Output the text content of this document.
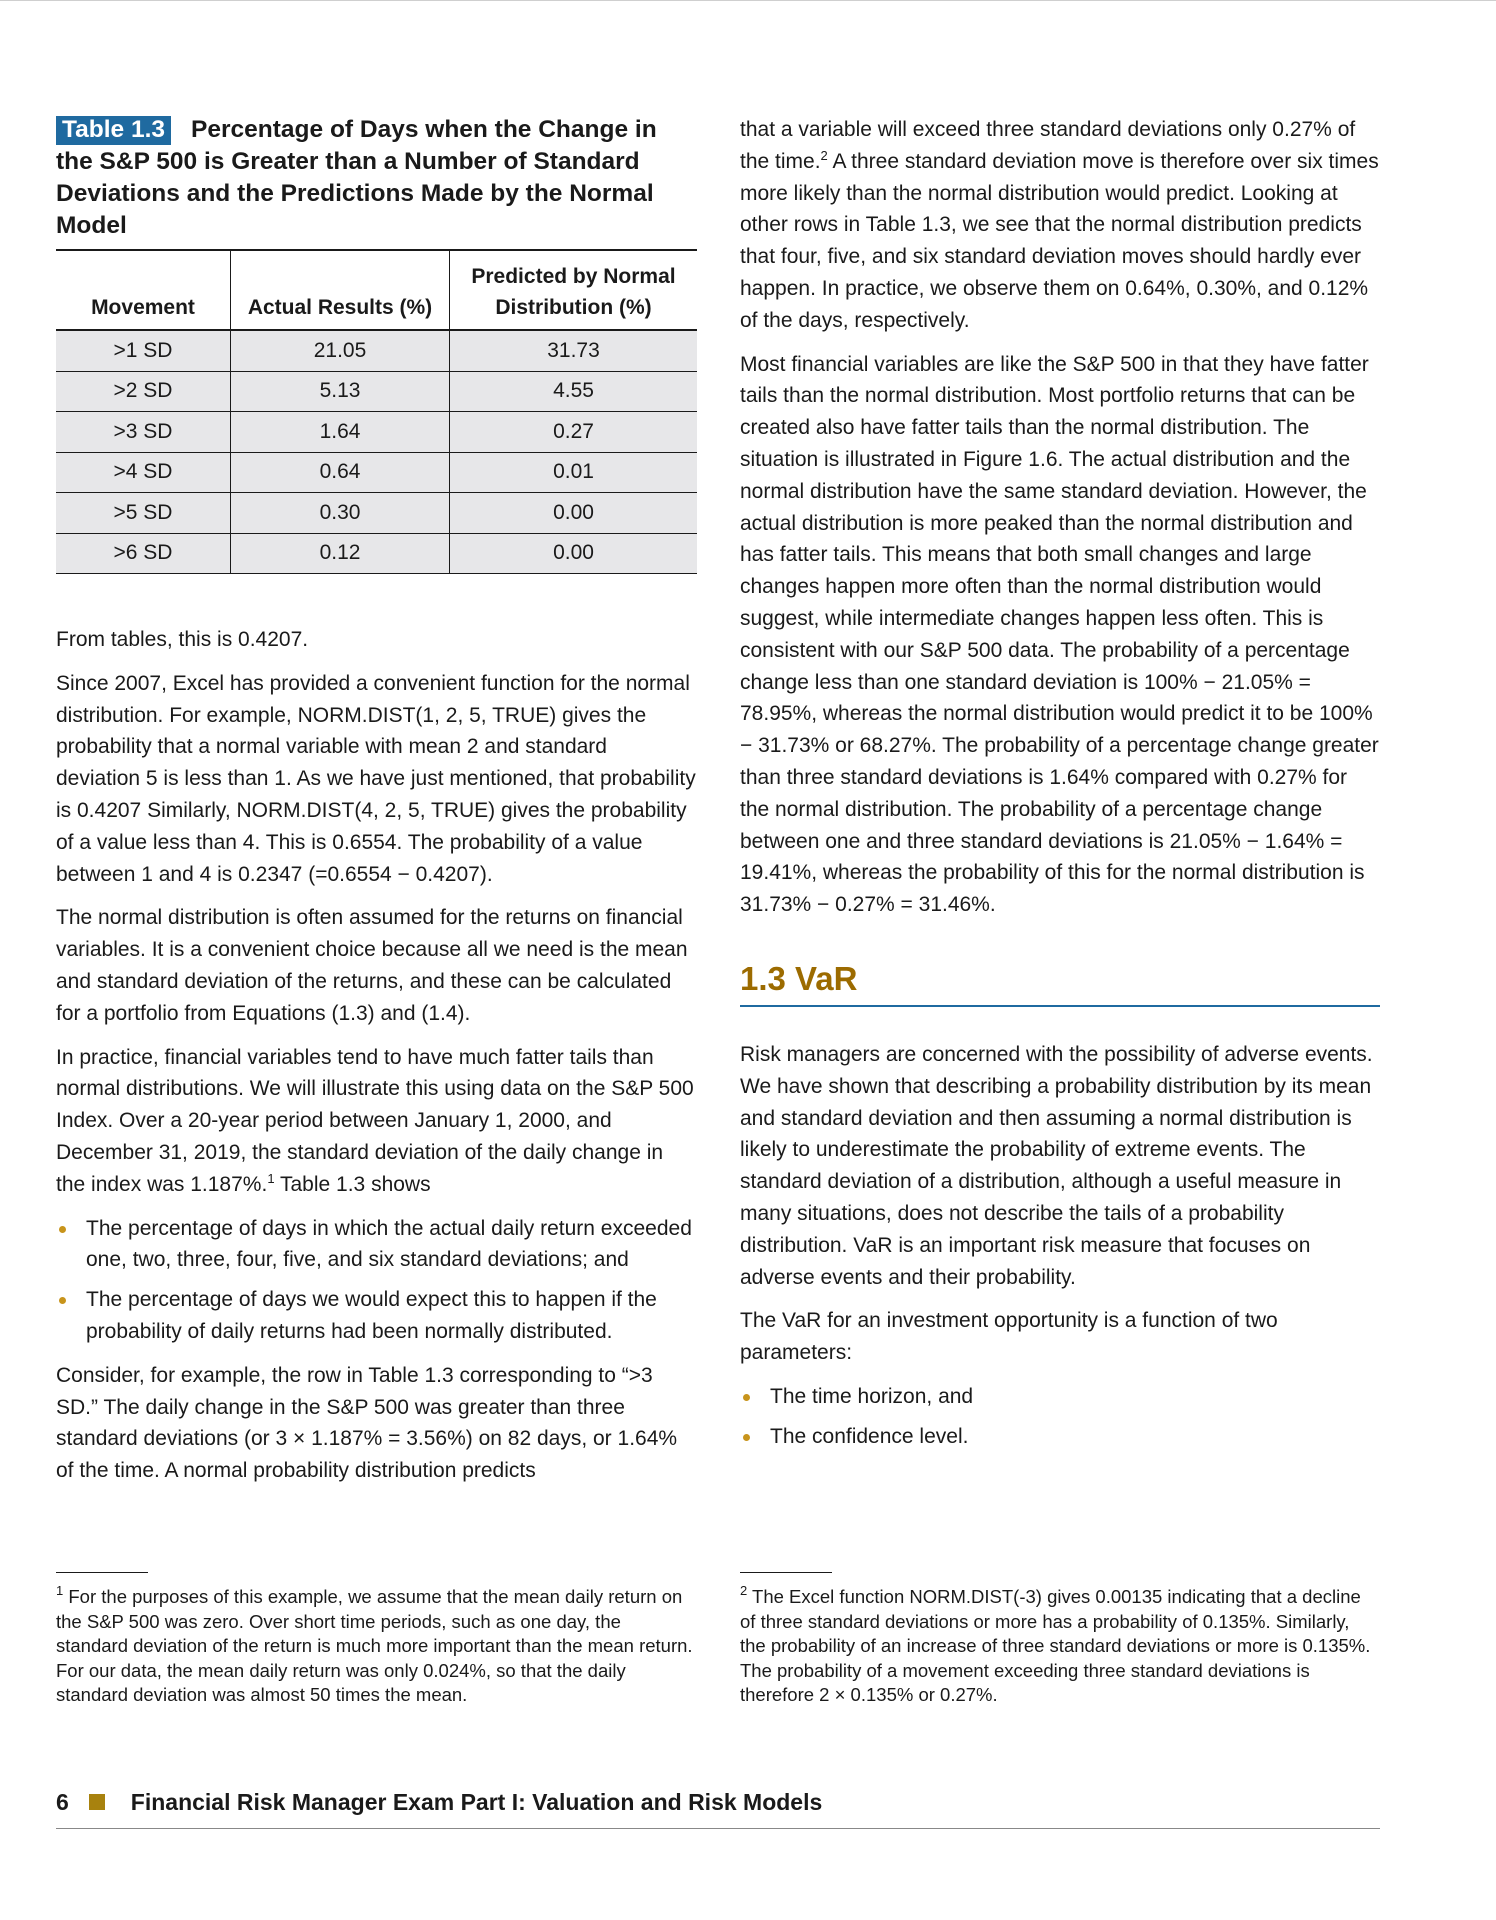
Table 1.3 Percentage of Days when the Change in the S&P 500 is Greater than a Number of Standard Deviations and the Predictions Made by the Normal Model
Movement	Actual Results (%)	Predicted by Normal Distribution (%)
>1 SD	21.05	31.73
>2 SD	5.13	4.55
>3 SD	1.64	0.27
>4 SD	0.64	0.01
>5 SD	0.30	0.00
>6 SD	0.12	0.00

From tables, this is 0.4207.

Since 2007, Excel has provided a convenient function for the normal distribution. For example, NORM.DIST(1, 2, 5, TRUE) gives the probability that a normal variable with mean 2 and standard deviation 5 is less than 1. As we have just mentioned, that probability is 0.4207 Similarly, NORM.DIST(4, 2, 5, TRUE) gives the probability of a value less than 4. This is 0.6554. The probability of a value between 1 and 4 is 0.2347 (=0.6554 − 0.4207).

The normal distribution is often assumed for the returns on financial variables. It is a convenient choice because all we need is the mean and standard deviation of the returns, and these can be calculated for a portfolio from Equations (1.3) and (1.4).

In practice, financial variables tend to have much fatter tails than normal distributions. We will illustrate this using data on the S&P 500 Index. Over a 20-year period between January 1, 2000, and December 31, 2019, the standard deviation of the daily change in the index was 1.187%.$^1$ Table 1.3 shows

The percentage of days in which the actual daily return exceeded one, two, three, four, five, and six standard deviations; and
The percentage of days we would expect this to happen if the probability of daily returns had been normally distributed.

Consider, for example, the row in Table 1.3 corresponding to “>3 SD.” The daily change in the S&P 500 was greater than three standard deviations (or 3 × 1.187% = 3.56%) on 82 days, or 1.64% of the time. A normal probability distribution predicts

that a variable will exceed three standard deviations only 0.27% of the time.$^2$ A three standard deviation move is therefore over six times more likely than the normal distribution would predict. Looking at other rows in Table 1.3, we see that the normal distribution predicts that four, five, and six standard deviation moves should hardly ever happen. In practice, we observe them on 0.64%, 0.30%, and 0.12% of the days, respectively.

Most financial variables are like the S&P 500 in that they have fatter tails than the normal distribution. Most portfolio returns that can be created also have fatter tails than the normal distribution. The situation is illustrated in Figure 1.6. The actual distribution and the normal distribution have the same standard deviation. However, the actual distribution is more peaked than the normal distribution and has fatter tails. This means that both small changes and large changes happen more often than the normal distribution would suggest, while intermediate changes happen less often. This is consistent with our S&P 500 data. The probability of a percentage change less than one standard deviation is 100% − 21.05% = 78.95%, whereas the normal distribution would predict it to be 100% − 31.73% or 68.27%. The probability of a percentage change greater than three standard deviations is 1.64% compared with 0.27% for the normal distribution. The probability of a percentage change between one and three standard deviations is 21.05% − 1.64% = 19.41%, whereas the probability of this for the normal distribution is 31.73% − 0.27% = 31.46%.

1.3 VaR

Risk managers are concerned with the possibility of adverse events. We have shown that describing a probability distribution by its mean and standard deviation and then assuming a normal distribution is likely to underestimate the probability of extreme events. The standard deviation of a distribution, although a useful measure in many situations, does not describe the tails of a probability distribution. VaR is an important risk measure that focuses on adverse events and their probability.

The VaR for an investment opportunity is a function of two parameters:

The time horizon, and
The confidence level.
$^1$ For the purposes of this example, we assume that the mean daily return on the S&P 500 was zero. Over short time periods, such as one day, the standard deviation of the return is much more important than the mean return. For our data, the mean daily return was only 0.024%, so that the daily standard deviation was almost 50 times the mean.
$^2$ The Excel function NORM.DIST(-3) gives 0.00135 indicating that a decline of three standard deviations or more has a probability of 0.135%. Similarly, the probability of an increase of three standard deviations or more is 0.135%. The probability of a movement exceeding three standard deviations is therefore 2 × 0.135% or 0.27%.
6	Financial Risk Manager Exam Part I: Valuation and Risk Models
